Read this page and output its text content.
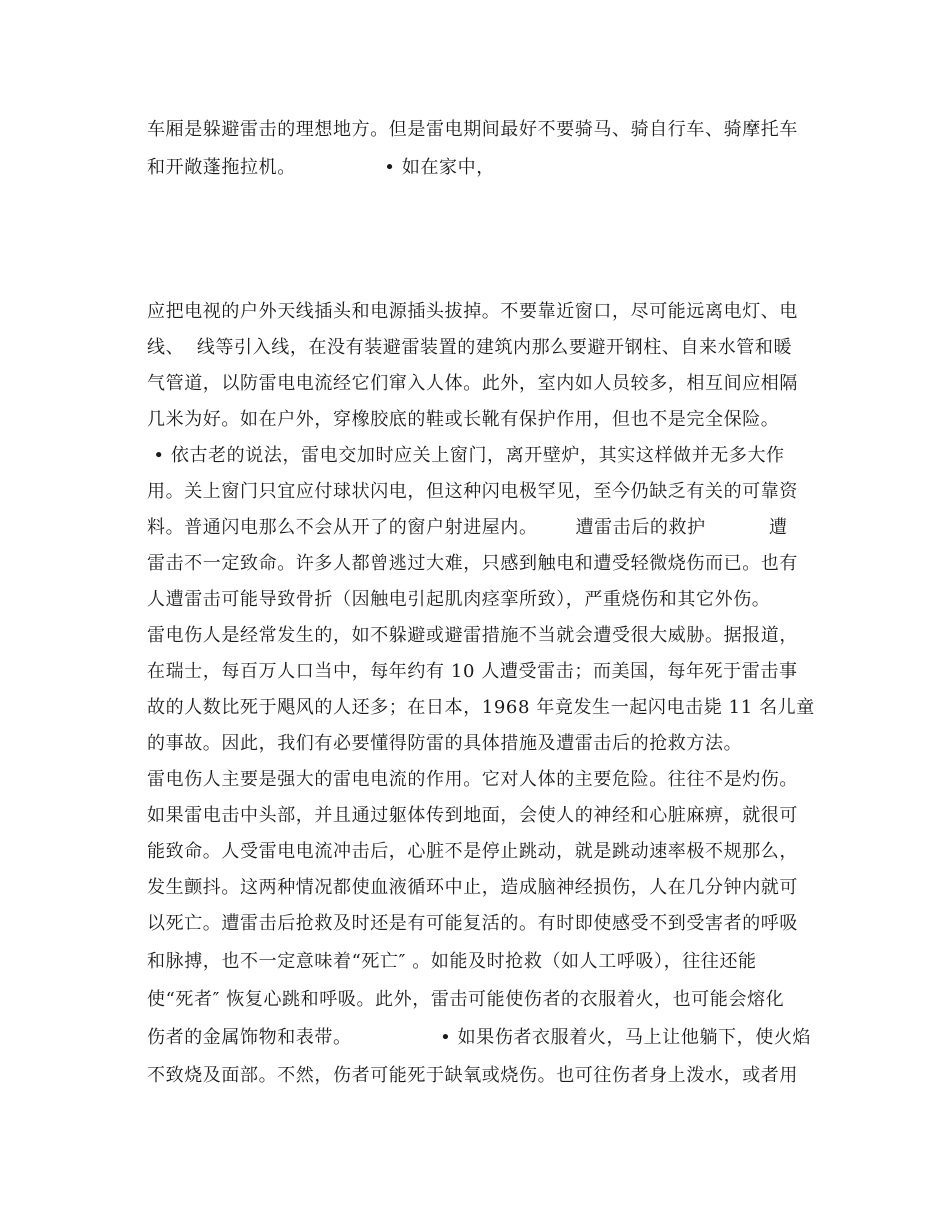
车厢是躲避雷击的理想地方。但是雷电期间最好不要骑马、骑自行车、骑摩托车
和开敞蓬拖拉机。              • 如在家中，
应把电视的户外天线插头和电源插头拔掉。不要靠近窗口，尽可能远离电灯、电
线、  线等引入线，在没有装避雷装置的建筑内那么要避开钢柱、自来水管和暖
气管道，以防雷电电流经它们窜入人体。此外，室内如人员较多，相互间应相隔
几米为好。如在户外，穿橡胶底的鞋或长靴有保护作用，但也不是完全保险。
• 依古老的说法，雷电交加时应关上窗门，离开壁炉，其实这样做并无多大作
用。关上窗门只宜应付球状闪电，但这种闪电极罕见，至今仍缺乏有关的可靠资
料。普通闪电那么不会从开了的窗户射进屋内。      遭雷击后的救护          遭
雷击不一定致命。许多人都曾逃过大难，只感到触电和遭受轻微烧伤而已。也有
人遭雷击可能导致骨折（因触电引起肌肉痉挛所致），严重烧伤和其它外伤。
雷电伤人是经常发生的，如不躲避或避雷措施不当就会遭受很大威胁。据报道，
在瑞士，每百万人口当中，每年约有 10 人遭受雷击；而美国，每年死于雷击事
故的人数比死于飓风的人还多；在日本，1968 年竟发生一起闪电击毙 11 名儿童
的事故。因此，我们有必要懂得防雷的具体措施及遭雷击后的抢救方法。
雷电伤人主要是强大的雷电电流的作用。它对人体的主要危险。往往不是灼伤。
如果雷电击中头部，并且通过躯体传到地面，会使人的神经和心脏麻痹，就很可
能致命。人受雷电电流冲击后，心脏不是停止跳动，就是跳动速率极不规那么，
发生颤抖。这两种情况都使血液循环中止，造成脑神经损伤，人在几分钟内就可
以死亡。遭雷击后抢救及时还是有可能复活的。有时即使感受不到受害者的呼吸
和脉搏，也不一定意味着“死亡″ 。如能及时抢救（如人工呼吸），往往还能
使“死者″ 恢复心跳和呼吸。此外，雷击可能使伤者的衣服着火，也可能会熔化
伤者的金属饰物和表带。              • 如果伤者衣服着火，马上让他躺下，使火焰
不致烧及面部。不然，伤者可能死于缺氧或烧伤。也可往伤者身上泼水，或者用
